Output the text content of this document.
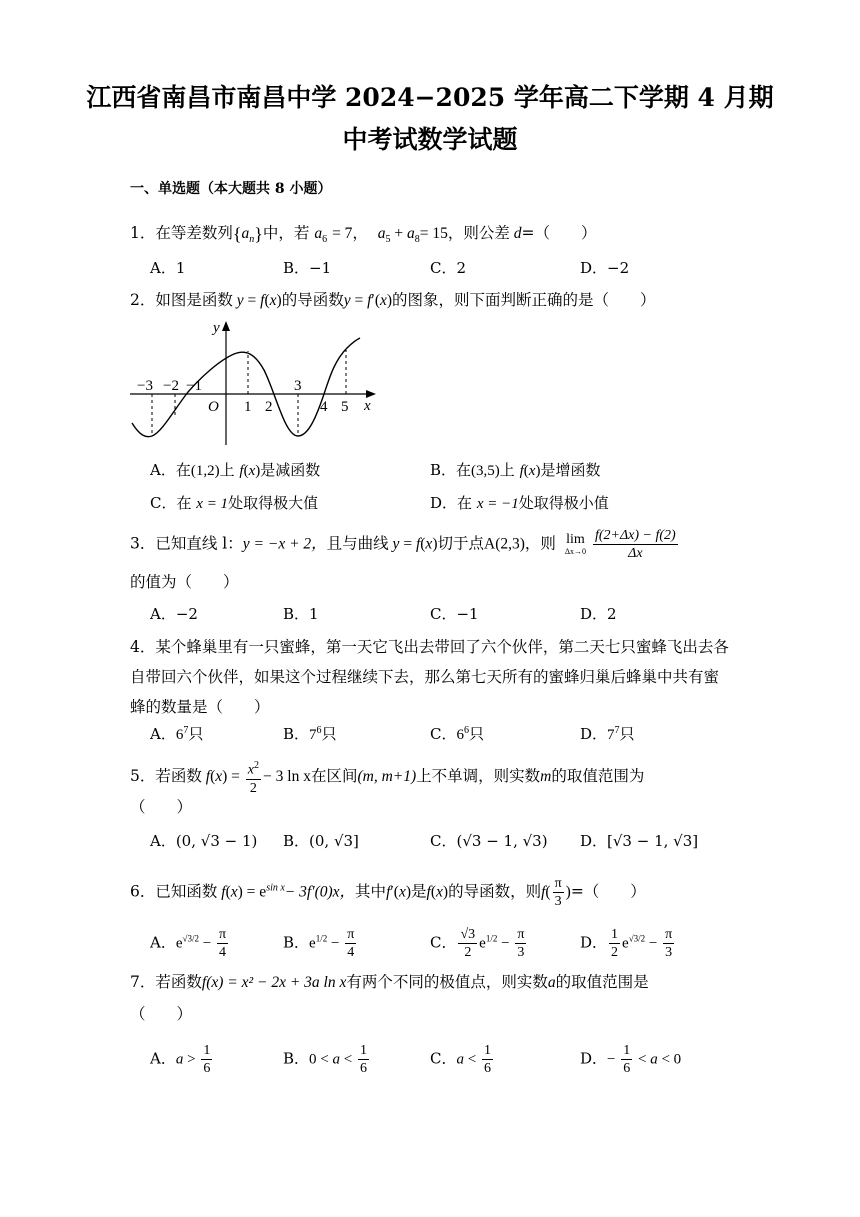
江西省南昌市南昌中学 2024−2025 学年高二下学期 4 月期
中考试数学试题
一、单选题（本大题共 8 小题）
1．在等差数列$\{a_n\}$中，若 $a_6 = 7$， $a_5 + a_8= 15$，则公差 d=（　　）
A．1	B．−1	C．2	D．−2
2．如图是函数 y = f(x)的导函数y = f′(x)的图象，则下面判断正确的是（　　）
−3 −2 −1
O 1 2
3
4 5 x
y
A．在(1,2)上 f(x)是减函数	B．在(3,5)上 f(x)是增函数
C．在 x = 1处取得极大值	D．在 x = −1处取得极小值
3．已知直线 l：y = −x + 2，且与曲线 y = f(x)切于点A(2,3)，则 lim
Δx→0
$\frac{f(2+\Delta x) - f(2)}{\Delta x}$
的值为（　　）
A．−2	B．1	C．−1	D．2
4．某个蜂巢里有一只蜜蜂，第一天它飞出去带回了六个伙伴，第二天七只蜜蜂飞出去各自带回六个伙伴，如果这个过程继续下去，那么第七天所有的蜜蜂归巢后蜂巢中共有蜜蜂的数量是（　　）
A．$6^7$只	B．$7^6$只	C．$6^6$只	D．$7^7$只
5．若函数 $f(x) = \frac{x^2}{2} - 3$ ln x在区间(m, m+1)上不单调，则实数m的取值范围为
（　　）
A．(0, √3 − 1) B．(0, √3]	C．(√3 − 1, √3) D．[√3 − 1, √3]
6．已知函数 $f(x) = e^{sin x}- 3f'(0)x$，其中f′(x)是f(x)的导函数，则$f( \frac{\pi}{3}$ )=（　　）
A．$e^{√3/2} - \frac{\pi}{4}$	B．$e^{1/2} - \frac{\pi}{4}$	C． $\frac{√3}{2} e^{1/2} - \frac{\pi}{3}$	D． $\frac{1}{2} e^{√3/2} - \frac{\pi}{3}$
7．若函数f(x) = x² − 2x + 3a ln x有两个不同的极值点，则实数a的取值范围是
（　　）
A．$a > \frac{1}{6}$	B．$0 < a < \frac{1}{6}$	C．$a < \frac{1}{6}$	D．− $\frac{1}{6} < a < 0$
